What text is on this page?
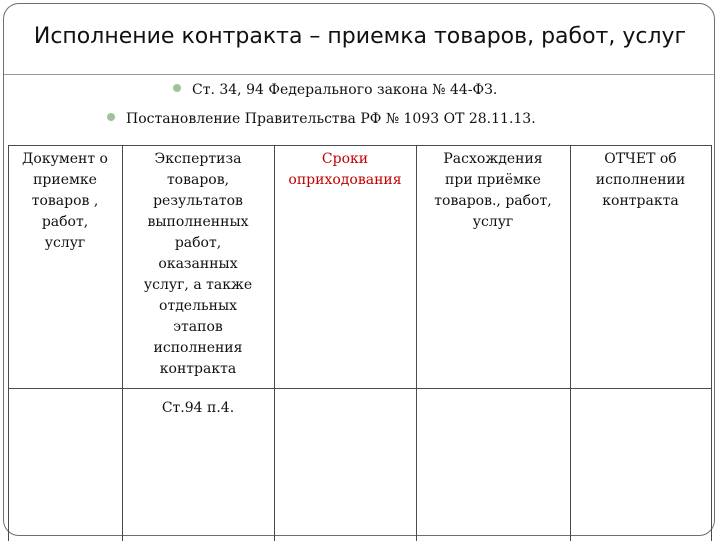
Исполнение контракта – приемка товаров, работ, услуг
Ст. 34, 94 Федерального закона № 44-ФЗ.
Постановление Правительства РФ № 1093 ОТ 28.11.13.
Документ о
приемке
товаров ,
работ,
услуг
Экспертиза
товаров,
результатов
выполненных
работ,
оказанных
услуг, а также
отдельных
этапов
исполнения
контракта
Сроки
оприходования
Расхождения
при приёмке
товаров., работ,
услуг
ОТЧЕТ об
исполнении
контракта
Ст.94 п.4.
